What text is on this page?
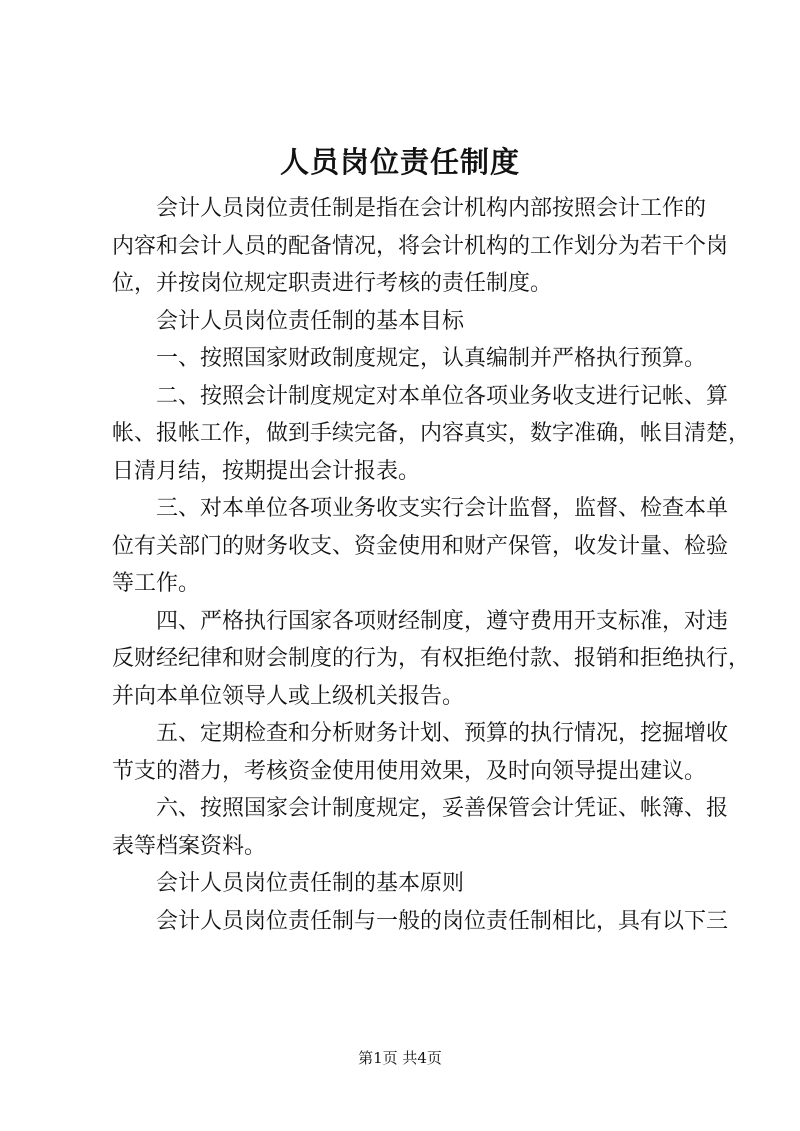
人员岗位责任制度
会计人员岗位责任制是指在会计机构内部按照会计工作的
内容和会计人员的配备情况，将会计机构的工作划分为若干个岗
位，并按岗位规定职责进行考核的责任制度。
会计人员岗位责任制的基本目标
一、按照国家财政制度规定，认真编制并严格执行预算。
二、按照会计制度规定对本单位各项业务收支进行记帐、算
帐、报帐工作，做到手续完备，内容真实，数字准确，帐目清楚，
日清月结，按期提出会计报表。
三、对本单位各项业务收支实行会计监督，监督、检查本单
位有关部门的财务收支、资金使用和财产保管，收发计量、检验
等工作。
四、严格执行国家各项财经制度，遵守费用开支标准，对违
反财经纪律和财会制度的行为，有权拒绝付款、报销和拒绝执行，
并向本单位领导人或上级机关报告。
五、定期检查和分析财务计划、预算的执行情况，挖掘增收
节支的潜力，考核资金使用使用效果，及时向领导提出建议。
六、按照国家会计制度规定，妥善保管会计凭证、帐簿、报
表等档案资料。
会计人员岗位责任制的基本原则
会计人员岗位责任制与一般的岗位责任制相比，具有以下三
第1页 共4页
